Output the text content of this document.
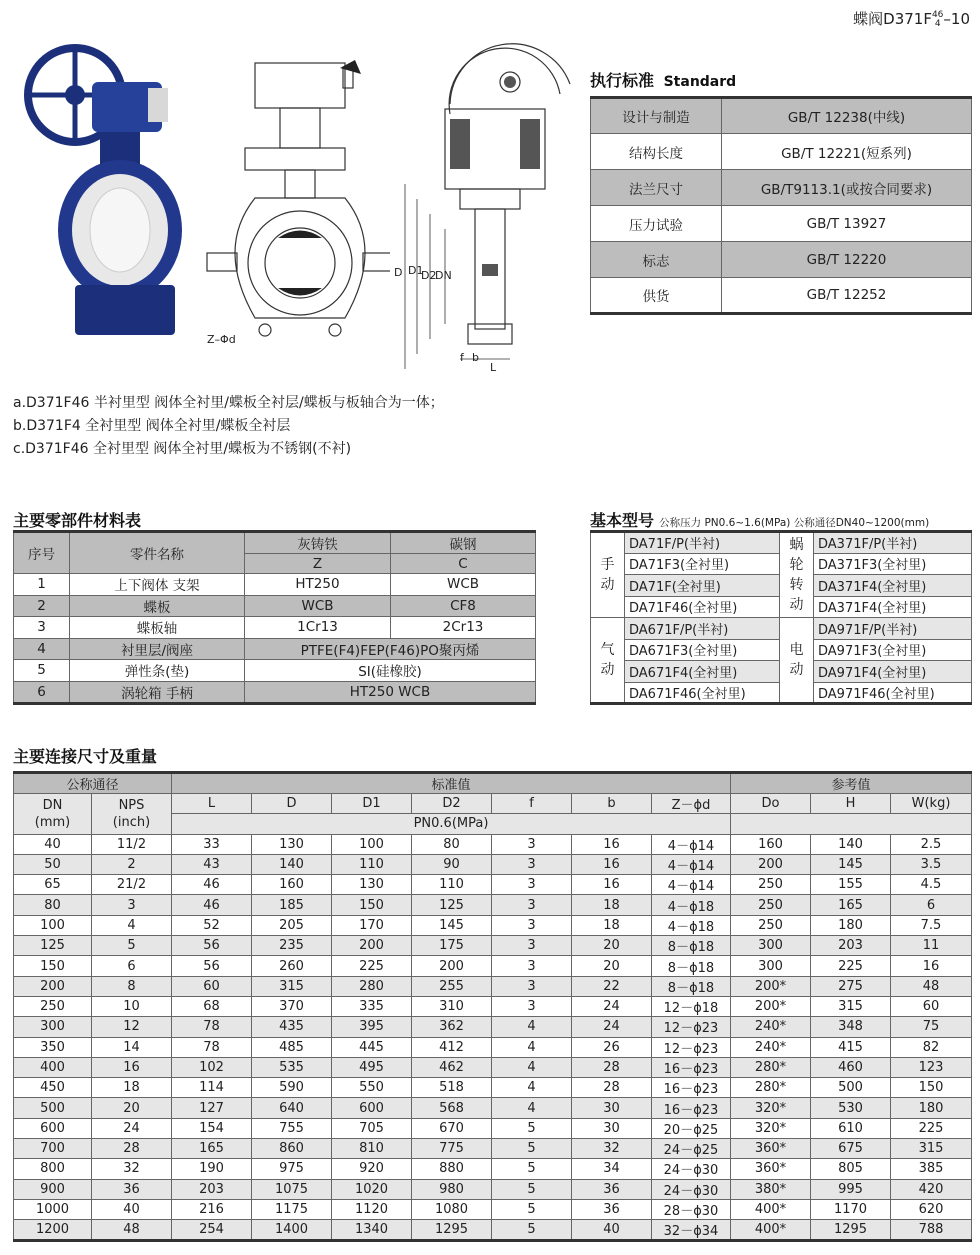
蝶阀D371F 46
4 –10
Z–Φd
D D1
D2
DN
f b
L
a.D371F46 半衬里型 阀体全衬里/蝶板全衬层/蝶板与板轴合为一体；
b.D371F4 全衬里型 阀体全衬里/蝶板全衬层
c.D371F46 全衬里型 阀体全衬里/蝶板为不锈钢(不衬)
执行标准 Standard
设计与制造	GB/T 12238(中线)
结构长度	GB/T 12221(短系列)
法兰尺寸	GB/T9113.1(或按合同要求)
压力试验	GB/T 13927
标志	GB/T 12220
供货	GB/T 12252
主要零部件材料表
序号	零件名称	灰铸铁	碳钢
		Z	C
1	上下阀体 支架	HT250	WCB
2	蝶板	WCB	CF8
3	蝶板轴	1Cr13	2Cr13
4	衬里层/阀座	PTFE(F4)FEP(F46)PO聚丙烯	
5	弹性条(垫)	SI(硅橡胶)	
6	涡轮箱 手柄	HT250 WCB	
基本型号 公称压力 PN0.6~1.6(MPa) 公称通径DN40~1200(mm)
手动	DA71F/P(半衬)	蜗轮转动	DA371F/P(半衬)
	DA71F3(全衬里)		DA371F3(全衬里)
	DA71F(全衬里)		DA371F4(全衬里)
	DA71F46(全衬里)		DA371F4(全衬里)
气动	DA671F/P(半衬)	电动	DA971F/P(半衬)
	DA671F3(全衬里)		DA971F3(全衬里)
	DA671F4(全衬里)		DA971F4(全衬里)
	DA671F46(全衬里)		DA971F46(全衬里)
主要连接尺寸及重量
公称通径		标准值							参考值		
DN
(mm)	NPS
(inch)	L	D	D1	D2	f	b	Z－ϕd	Do	H	W(kg)
		PN0.6(MPa)									
40	11/2	33	130	100	80	3	16	4－ϕ14	160	140	2.5
50	2	43	140	110	90	3	16	4－ϕ14	200	145	3.5
65	21/2	46	160	130	110	3	16	4－ϕ14	250	155	4.5
80	3	46	185	150	125	3	18	4－ϕ18	250	165	6
100	4	52	205	170	145	3	18	4－ϕ18	250	180	7.5
125	5	56	235	200	175	3	20	8－ϕ18	300	203	11
150	6	56	260	225	200	3	20	8－ϕ18	300	225	16
200	8	60	315	280	255	3	22	8－ϕ18	200*	275	48
250	10	68	370	335	310	3	24	12－ϕ18	200*	315	60
300	12	78	435	395	362	4	24	12－ϕ23	240*	348	75
350	14	78	485	445	412	4	26	12－ϕ23	240*	415	82
400	16	102	535	495	462	4	28	16－ϕ23	280*	460	123
450	18	114	590	550	518	4	28	16－ϕ23	280*	500	150
500	20	127	640	600	568	4	30	16－ϕ23	320*	530	180
600	24	154	755	705	670	5	30	20－ϕ25	320*	610	225
700	28	165	860	810	775	5	32	24－ϕ25	360*	675	315
800	32	190	975	920	880	5	34	24－ϕ30	360*	805	385
900	36	203	1075	1020	980	5	36	24－ϕ30	380*	995	420
1000	40	216	1175	1120	1080	5	36	28－ϕ30	400*	1170	620
1200	48	254	1400	1340	1295	5	40	32－ϕ34	400*	1295	788
